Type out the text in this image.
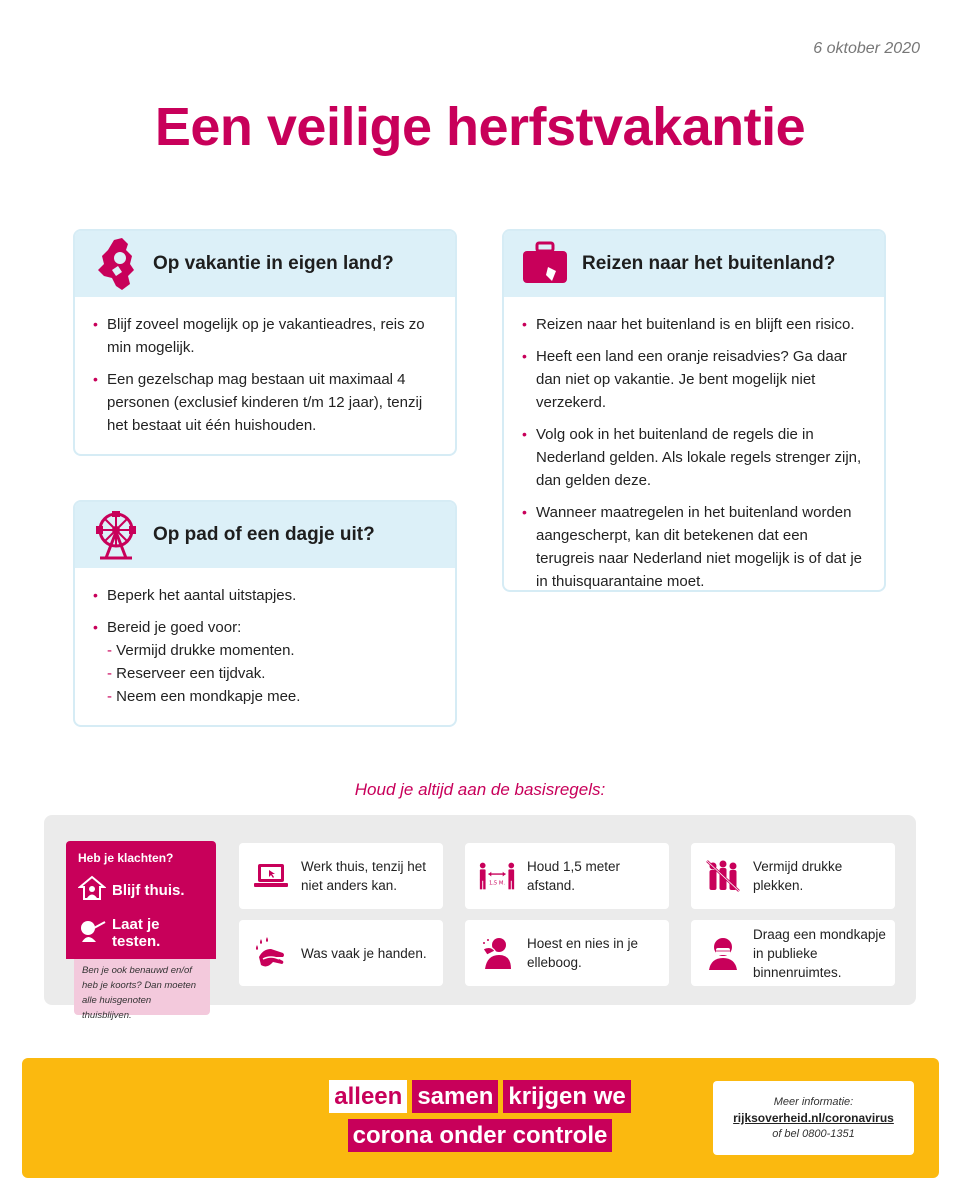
6 oktober 2020
Een veilige herfstvakantie
Op vakantie in eigen land?
• Blijf zoveel mogelijk op je vakantieadres, reis zo min mogelijk.
• Een gezelschap mag bestaan uit maximaal 4 personen (exclusief kinderen t/m 12 jaar), tenzij het bestaat uit één huishouden.
Op pad of een dagje uit?
• Beperk het aantal uitstapjes.
• Bereid je goed voor:
- Vermijd drukke momenten.
- Reserveer een tijdvak.
- Neem een mondkapje mee.
Reizen naar het buitenland?
• Reizen naar het buitenland is en blijft een risico.
• Heeft een land een oranje reisadvies? Ga daar dan niet op vakantie. Je bent mogelijk niet verzekerd.
• Volg ook in het buitenland de regels die in Nederland gelden. Als lokale regels strenger zijn, dan gelden deze.
• Wanneer maatregelen in het buitenland worden aangescherpt, kan dit betekenen dat een terugreis naar Nederland niet mogelijk is of dat je in thuisquarantaine moet.
Houd je altijd aan de basisregels:
Heb je klachten?
Blijf thuis.
Laat je testen.
Ben je ook benauwd en/of heb je koorts? Dan moeten alle huisgenoten thuisblijven.
Werk thuis, tenzij het niet anders kan.	1,5 M.
Houd 1,5 meter afstand.
Vermijd drukke plekken.
Was vaak je handen.
Hoest en nies in je elleboog.
Draag een mondkapje in publieke binnenruimtes.
alleen samen krijgen we
corona onder controle
Meer informatie:
rijksoverheid.nl/coronavirus
of bel 0800-1351
